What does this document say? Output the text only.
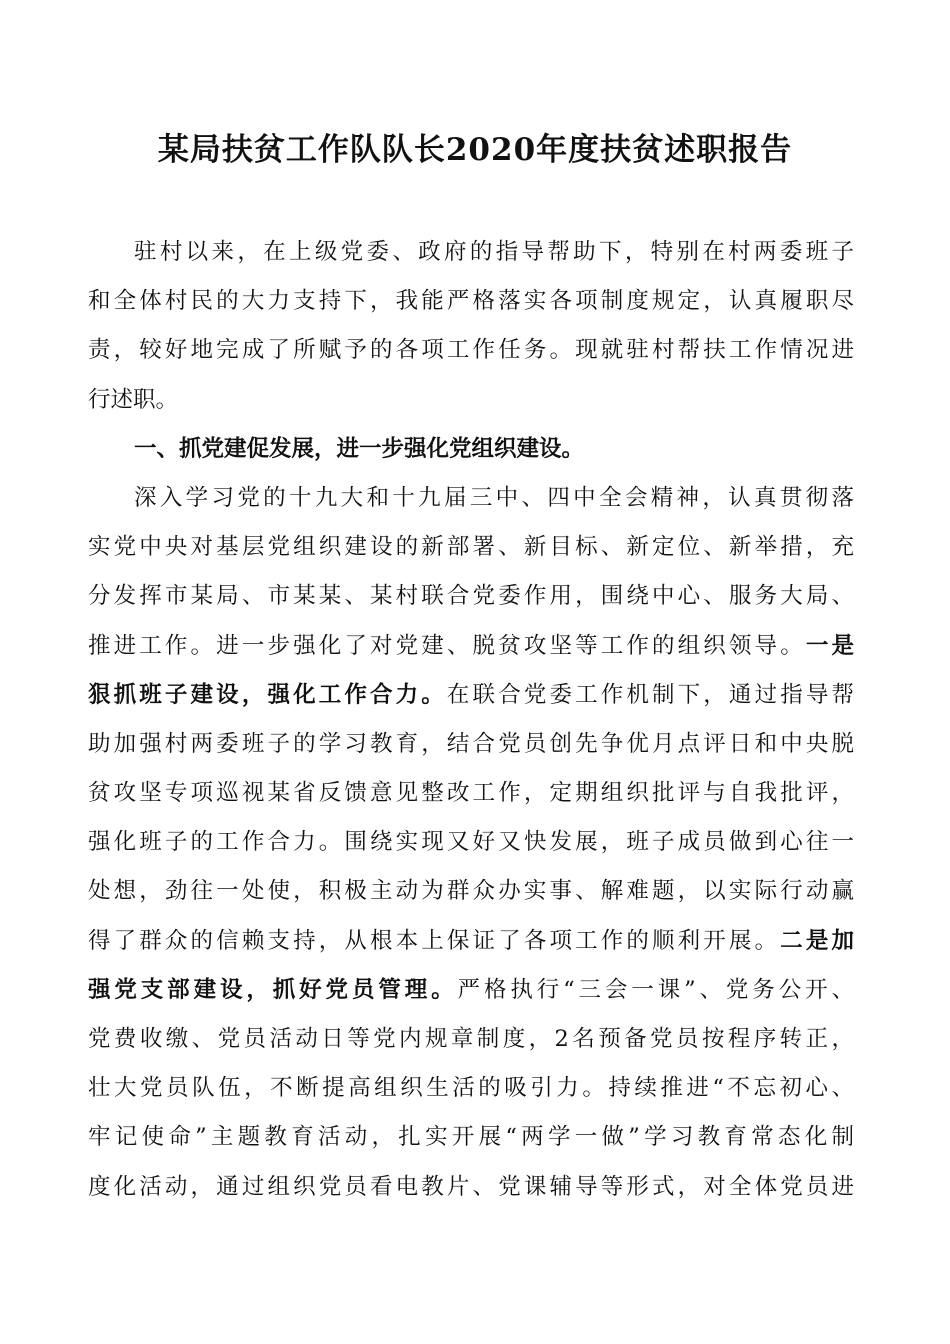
某局扶贫工作队队长2020年度扶贫述职报告
驻村以来，在上级党委、政府的指导帮助下，特别在村两委班子
和全体村民的大力支持下，我能严格落实各项制度规定，认真履职尽
责，较好地完成了所赋予的各项工作任务。现就驻村帮扶工作情况进
行述职。
一、抓党建促发展，进一步强化党组织建设。
深入学习党的十九大和十九届三中、四中全会精神，认真贯彻落
实党中央对基层党组织建设的新部署、新目标、新定位、新举措，充
分发挥市某局、市某某、某村联合党委作用，围绕中心、服务大局、
推进工作。进一步强化了对党建、脱贫攻坚等工作的组织领导。一是
狠抓班子建设，强化工作合力。在联合党委工作机制下，通过指导帮
助加强村两委班子的学习教育，结合党员创先争优月点评日和中央脱
贫攻坚专项巡视某省反馈意见整改工作，定期组织批评与自我批评，
强化班子的工作合力。围绕实现又好又快发展，班子成员做到心往一
处想，劲往一处使，积极主动为群众办实事、解难题，以实际行动赢
得了群众的信赖支持，从根本上保证了各项工作的顺利开展。二是加
强党支部建设，抓好党员管理。严格执行“三会一课”、党务公开、
党费收缴、党员活动日等党内规章制度，2名预备党员按程序转正，
壮大党员队伍，不断提高组织生活的吸引力。持续推进“不忘初心、
牢记使命”主题教育活动，扎实开展“两学一做”学习教育常态化制
度化活动，通过组织党员看电教片、党课辅导等形式，对全体党员进
